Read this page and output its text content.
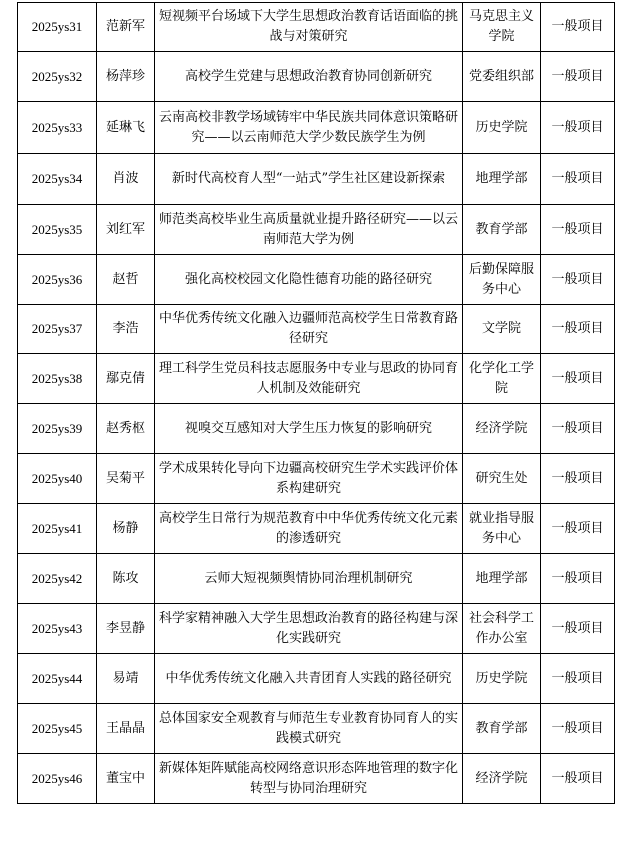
2025ys31	范新军	短视频平台场域下大学生思想政治教育话语面临的挑战与对策研究	马克思主义学院	一般项目
2025ys32	杨萍珍	高校学生党建与思想政治教育协同创新研究	党委组织部	一般项目
2025ys33	延琳飞	云南高校非教学场域铸牢中华民族共同体意识策略研究——以云南师范大学少数民族学生为例	历史学院	一般项目
2025ys34	肖波	新时代高校育人型“一站式”学生社区建设新探索	地理学部	一般项目
2025ys35	刘红军	师范类高校毕业生高质量就业提升路径研究——以云南师范大学为例	教育学部	一般项目
2025ys36	赵哲	强化高校校园文化隐性德育功能的路径研究	后勤保障服务中心	一般项目
2025ys37	李浩	中华优秀传统文化融入边疆师范高校学生日常教育路径研究	文学院	一般项目
2025ys38	鄢克倩	理工科学生党员科技志愿服务中专业与思政的协同育人机制及效能研究	化学化工学院	一般项目
2025ys39	赵秀枢	视嗅交互感知对大学生压力恢复的影响研究	经济学院	一般项目
2025ys40	吴菊平	学术成果转化导向下边疆高校研究生学术实践评价体系构建研究	研究生处	一般项目
2025ys41	杨静	高校学生日常行为规范教育中中华优秀传统文化元素的渗透研究	就业指导服务中心	一般项目
2025ys42	陈攻	云师大短视频舆情协同治理机制研究	地理学部	一般项目
2025ys43	李昱静	科学家精神融入大学生思想政治教育的路径构建与深化实践研究	社会科学工作办公室	一般项目
2025ys44	易靖	中华优秀传统文化融入共青团育人实践的路径研究	历史学院	一般项目
2025ys45	王晶晶	总体国家安全观教育与师范生专业教育协同育人的实践模式研究	教育学部	一般项目
2025ys46	董宝中	新媒体矩阵赋能高校网络意识形态阵地管理的数字化转型与协同治理研究	经济学院	一般项目
